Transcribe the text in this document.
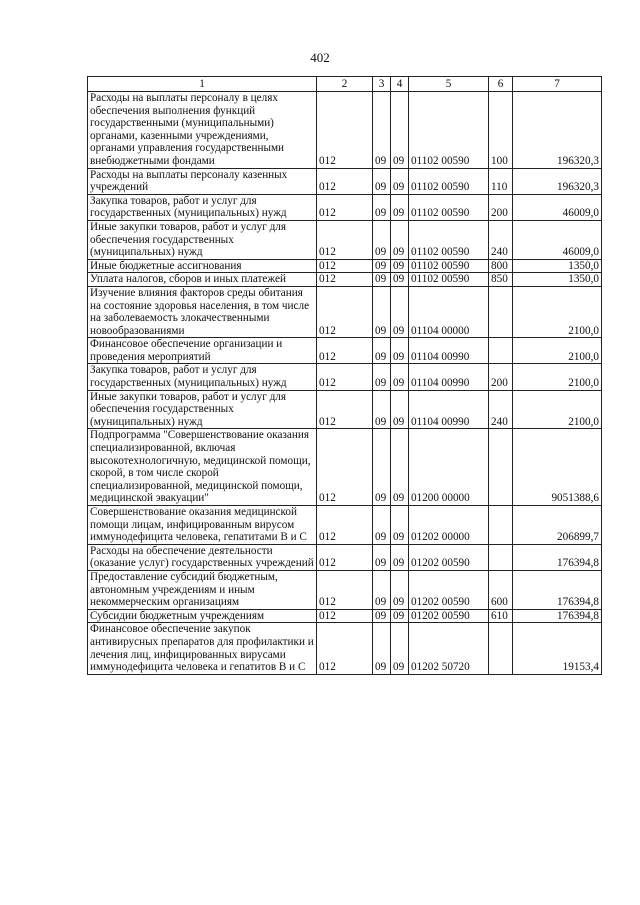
402
1	2	3	4	5	6	7
Расходы на выплаты персоналу в целях обеспечения выполнения функций государственными (муниципальными) органами, казенными учреждениями, органами управления государственными внебюджетными фондами	012	09	09	01102 00590	100	196320,3
Расходы на выплаты персоналу казенных учреждений	012	09	09	01102 00590	110	196320,3
Закупка товаров, работ и услуг для государственных (муниципальных) нужд	012	09	09	01102 00590	200	46009,0
Иные закупки товаров, работ и услуг для обеспечения государственных (муниципальных) нужд	012	09	09	01102 00590	240	46009,0
Иные бюджетные ассигнования	012	09	09	01102 00590	800	1350,0
Уплата налогов, сборов и иных платежей	012	09	09	01102 00590	850	1350,0
Изучение влияния факторов среды обитания на состояние здоровья населения, в том числе на заболеваемость злокачественными новообразованиями	012	09	09	01104 00000		2100,0
Финансовое обеспечение организации и проведения мероприятий	012	09	09	01104 00990		2100,0
Закупка товаров, работ и услуг для государственных (муниципальных) нужд	012	09	09	01104 00990	200	2100,0
Иные закупки товаров, работ и услуг для обеспечения государственных (муниципальных) нужд	012	09	09	01104 00990	240	2100,0
Подпрограмма "Совершенствование оказания специализированной, включая высокотехнологичную, медицинской помощи, скорой, в том числе скорой специализированной, медицинской помощи, медицинской эвакуации"	012	09	09	01200 00000		9051388,6
Совершенствование оказания медицинской помощи лицам, инфицированным вирусом иммунодефицита человека, гепатитами В и С	012	09	09	01202 00000		206899,7
Расходы на обеспечение деятельности (оказание услуг) государственных учреждений	012	09	09	01202 00590		176394,8
Предоставление субсидий бюджетным, автономным учреждениям и иным некоммерческим организациям	012	09	09	01202 00590	600	176394,8
Субсидии бюджетным учреждениям	012	09	09	01202 00590	610	176394,8
Финансовое обеспечение закупок антивирусных препаратов для профилактики и лечения лиц, инфицированных вирусами иммунодефицита человека и гепатитов В и С	012	09	09	01202 50720		19153,4
